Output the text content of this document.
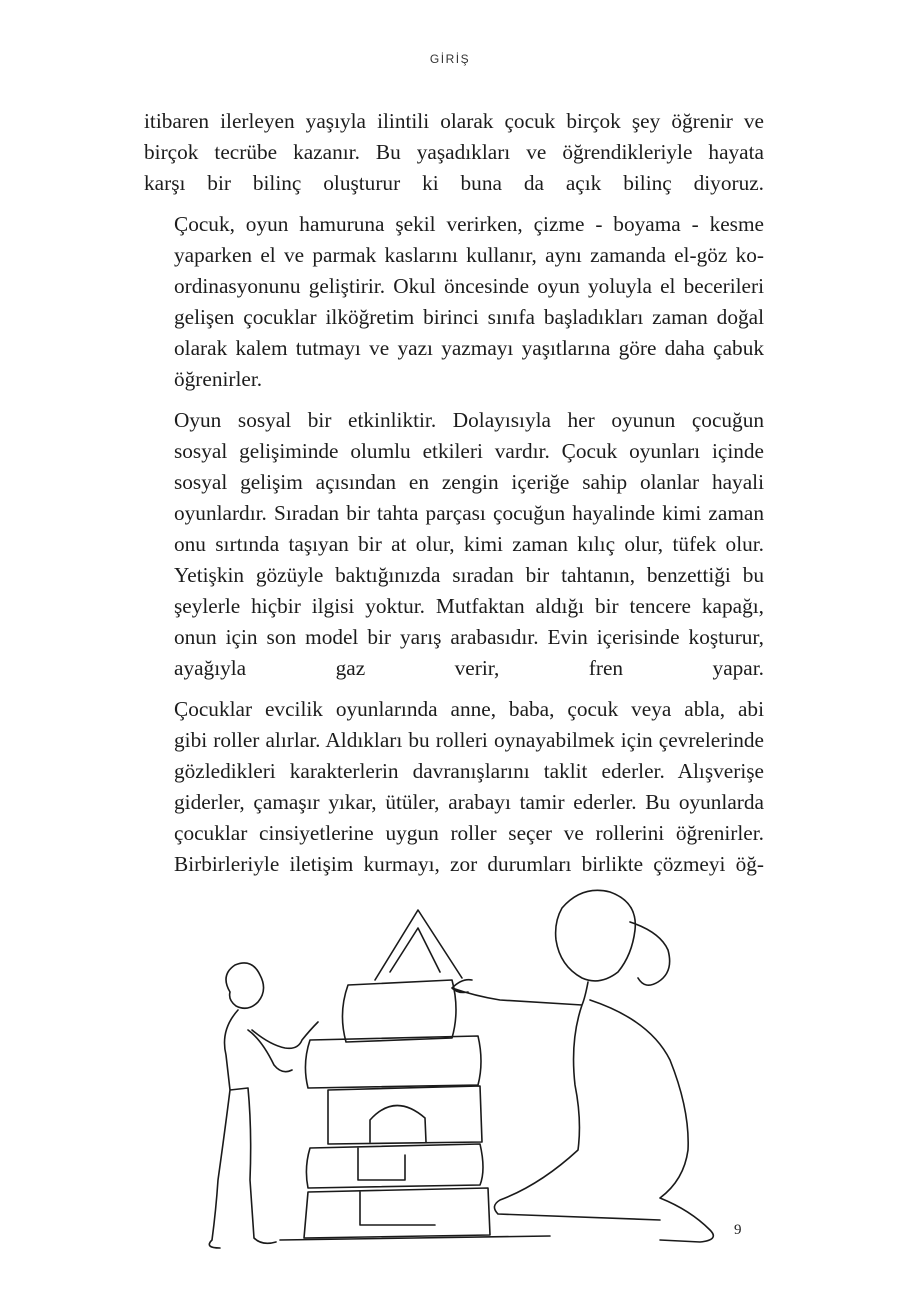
GİRİŞ

itibaren ilerleyen yaşıyla ilintili olarak çocuk birçok şey öğrenir ve
birçok tecrübe kazanır. Bu yaşadıkları ve öğrendikleriyle hayata
karşı bir bilinç oluşturur ki buna da açık bilinç diyoruz.

Çocuk, oyun hamuruna şekil verirken, çizme - boyama - kesme
yaparken el ve parmak kaslarını kullanır, aynı zamanda el-göz ko-
ordinasyonunu geliştirir. Okul öncesinde oyun yoluyla el becerileri
gelişen çocuklar ilköğretim birinci sınıfa başladıkları zaman doğal
olarak kalem tutmayı ve yazı yazmayı yaşıtlarına göre daha çabuk
öğrenirler.

Oyun sosyal bir etkinliktir. Dolayısıyla her oyunun çocuğun
sosyal gelişiminde olumlu etkileri vardır. Çocuk oyunları içinde
sosyal gelişim açısından en zengin içeriğe sahip olanlar hayali
oyunlardır. Sıradan bir tahta parçası çocuğun hayalinde kimi zaman
onu sırtında taşıyan bir at olur, kimi zaman kılıç olur, tüfek olur.
Yetişkin gözüyle baktığınızda sıradan bir tahtanın, benzettiği bu
şeylerle hiçbir ilgisi yoktur. Mutfaktan aldığı bir tencere kapağı,
onun için son model bir yarış arabasıdır. Evin içerisinde koşturur,
ayağıyla gaz verir, fren yapar.

Çocuklar evcilik oyunlarında anne, baba, çocuk veya abla, abi
gibi roller alırlar. Aldıkları bu rolleri oynayabilmek için çevrelerinde
gözledikleri karakterlerin davranışlarını taklit ederler. Alışverişe
giderler, çamaşır yıkar, ütüler, arabayı tamir ederler. Bu oyunlarda
çocuklar cinsiyetlerine uygun roller seçer ve rollerini öğrenirler.
Birbirleriyle iletişim kurmayı, zor durumları birlikte çözmeyi öğ-

9
